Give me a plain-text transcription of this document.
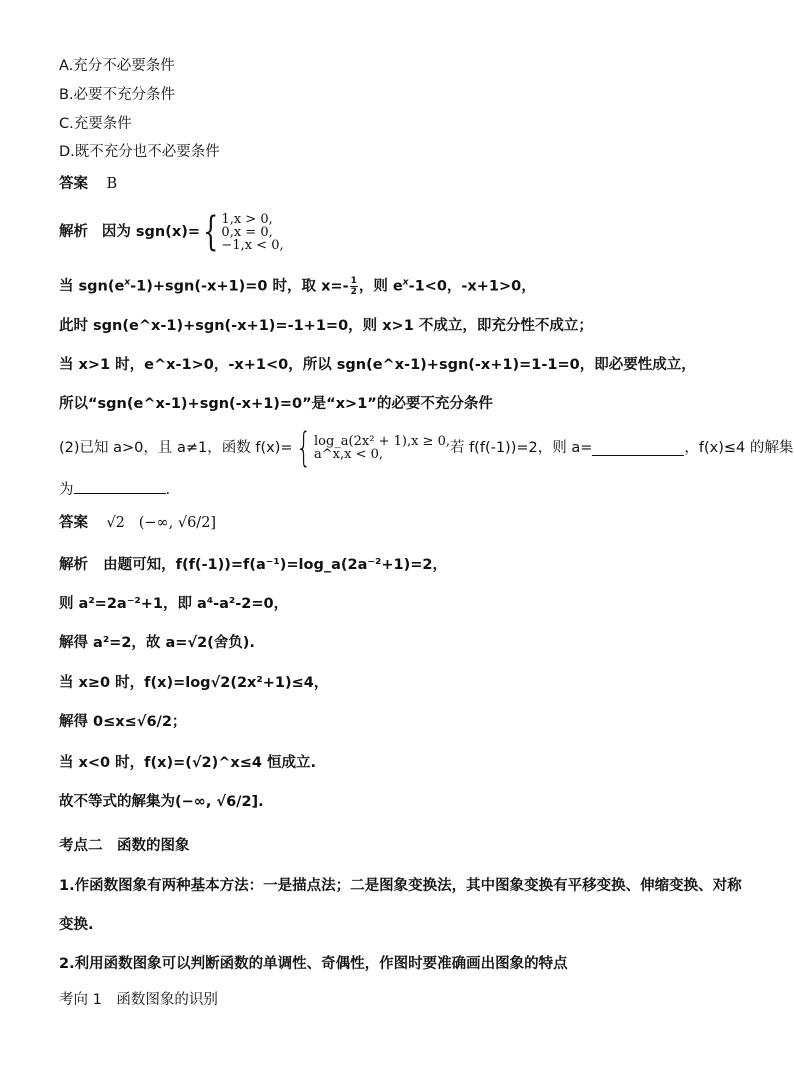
A.充分不必要条件
B.必要不充分条件
C.充要条件
D.既不充分也不必要条件
答案 B
解析
因为 sgn(x)= { 1,x > 0,
0,x = 0,
−1,x < 0,
当 $sgn(e^x-1)+sgn(-x+1)=0$ 时，取 $x=- \frac{1}{2}$ ，则 $e^x-1<0$，-x+1>0，
此时 sgn(e^x-1)+sgn(-x+1)=-1+1=0，则 x>1 不成立，即充分性不成立；
当 x>1 时，e^x-1>0，-x+1<0，所以 sgn(e^x-1)+sgn(-x+1)=1-1=0，即必要性成立，
所以“sgn(e^x-1)+sgn(-x+1)=0”是“x>1”的必要不充分条件
(2)已知 a>0，且 a≠1，函数 f(x)= { log_a(2x² + 1),x ≥ 0,
a^x,x < 0,	若 f(f(-1))=2，则 a=	，f(x)≤4 的解集
为	.
答案
√2
(−∞, √6/2]
解析 由题可知，f(f(-1))=f(a⁻¹)=log_a(2a⁻²+1)=2，
则 a²=2a⁻²+1，即 a⁴-a²-2=0，
解得 a²=2，故 a=√2(舍负).
当 x≥0 时，f(x)=log√2(2x²+1)≤4，
解得 0≤x≤√6/2；
当 x<0 时，f(x)=(√2)^x≤4 恒成立.
故不等式的解集为(−∞, √6/2].
考点二　函数的图象
1.作函数图象有两种基本方法：一是描点法；二是图象变换法，其中图象变换有平移变换、伸缩变换、对称
变换.
2.利用函数图象可以判断函数的单调性、奇偶性，作图时要准确画出图象的特点
考向 1　函数图象的识别
